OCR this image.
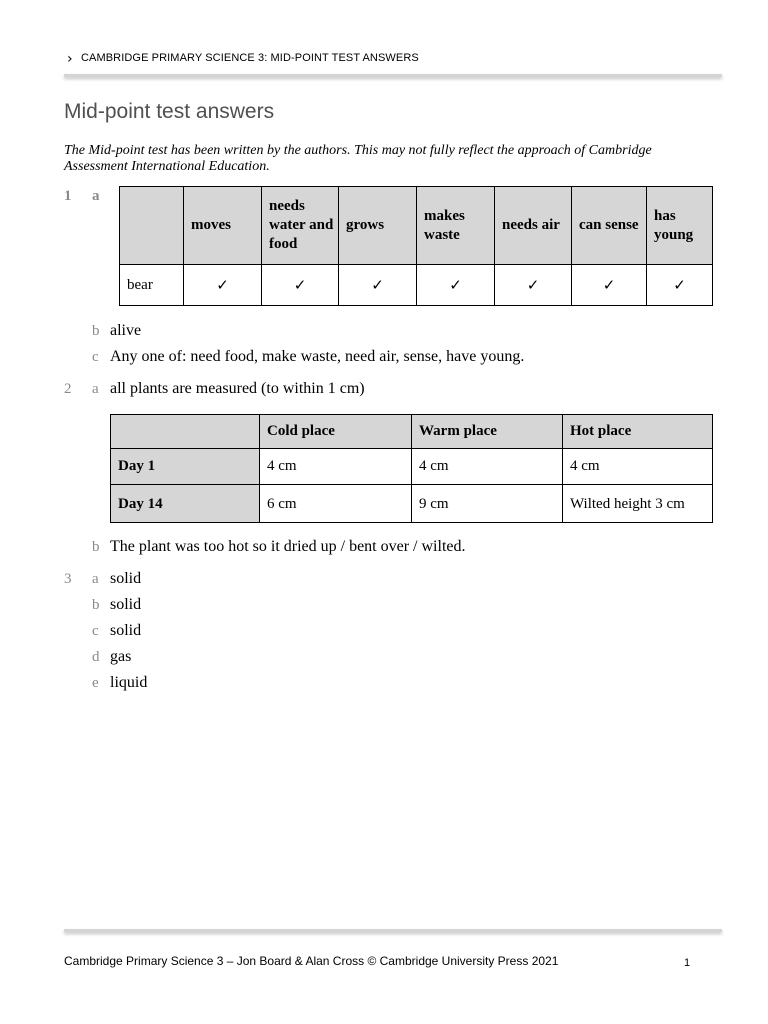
› CAMBRIDGE PRIMARY SCIENCE 3: MID-POINT TEST ANSWERS
Mid-point test answers
The Mid-point test has been written by the authors. This may not fully reflect the approach of Cambridge Assessment International Education.
1 a
	moves	needs water and food	grows	makes waste	needs air	can sense	has young
bear	✓	✓	✓	✓	✓	✓	✓
b alive
c Any one of: need food, make waste, need air, sense, have young.
2 a all plants are measured (to within 1 cm)
	Cold place	Warm place	Hot place
Day 1	4 cm	4 cm	4 cm
Day 14	6 cm	9 cm	Wilted height 3 cm
b The plant was too hot so it dried up / bent over / wilted.
3 a solid
b solid
c solid
d gas
e liquid
Cambridge Primary Science 3 – Jon Board & Alan Cross © Cambridge University Press 2021	1
